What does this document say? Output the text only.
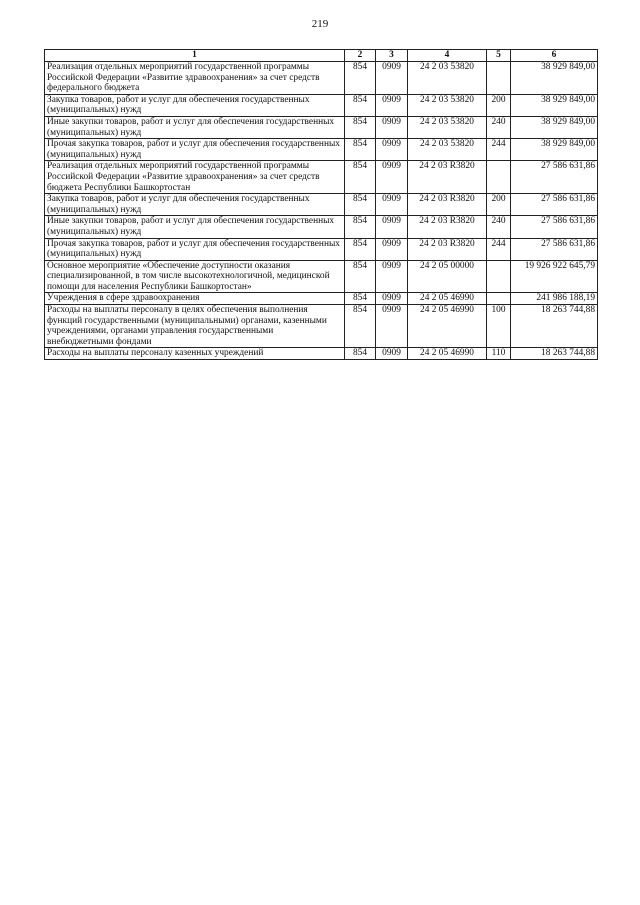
219
1	2	3	4	5	6
Реализация отдельных мероприятий государственной программы Российской Федерации «Развитие здравоохранения» за счет средств федерального бюджета	854	0909	24 2 03 53820		38 929 849,00
Закупка товаров, работ и услуг для обеспечения государственных (муниципальных) нужд	854	0909	24 2 03 53820	200	38 929 849,00
Иные закупки товаров, работ и услуг для обеспечения государственных (муниципальных) нужд	854	0909	24 2 03 53820	240	38 929 849,00
Прочая закупка товаров, работ и услуг для обеспечения государственных (муниципальных) нужд	854	0909	24 2 03 53820	244	38 929 849,00
Реализация отдельных мероприятий государственной программы Российской Федерации «Развитие здравоохранения» за счет средств бюджета Республики Башкортостан	854	0909	24 2 03 R3820		27 586 631,86
Закупка товаров, работ и услуг для обеспечения государственных (муниципальных) нужд	854	0909	24 2 03 R3820	200	27 586 631,86
Иные закупки товаров, работ и услуг для обеспечения государственных (муниципальных) нужд	854	0909	24 2 03 R3820	240	27 586 631,86
Прочая закупка товаров, работ и услуг для обеспечения государственных (муниципальных) нужд	854	0909	24 2 03 R3820	244	27 586 631,86
Основное мероприятие «Обеспечение доступности оказания специализированной, в том числе высокотехнологичной, медицинской помощи для населения Республики Башкортостан»	854	0909	24 2 05 00000		19 926 922 645,79
Учреждения в сфере здравоохранения	854	0909	24 2 05 46990		241 986 188,19
Расходы на выплаты персоналу в целях обеспечения выполнения функций государственными (муниципальными) органами, казенными учреждениями, органами управления государственными внебюджетными фондами	854	0909	24 2 05 46990	100	18 263 744,88
Расходы на выплаты персоналу казенных учреждений	854	0909	24 2 05 46990	110	18 263 744,88
